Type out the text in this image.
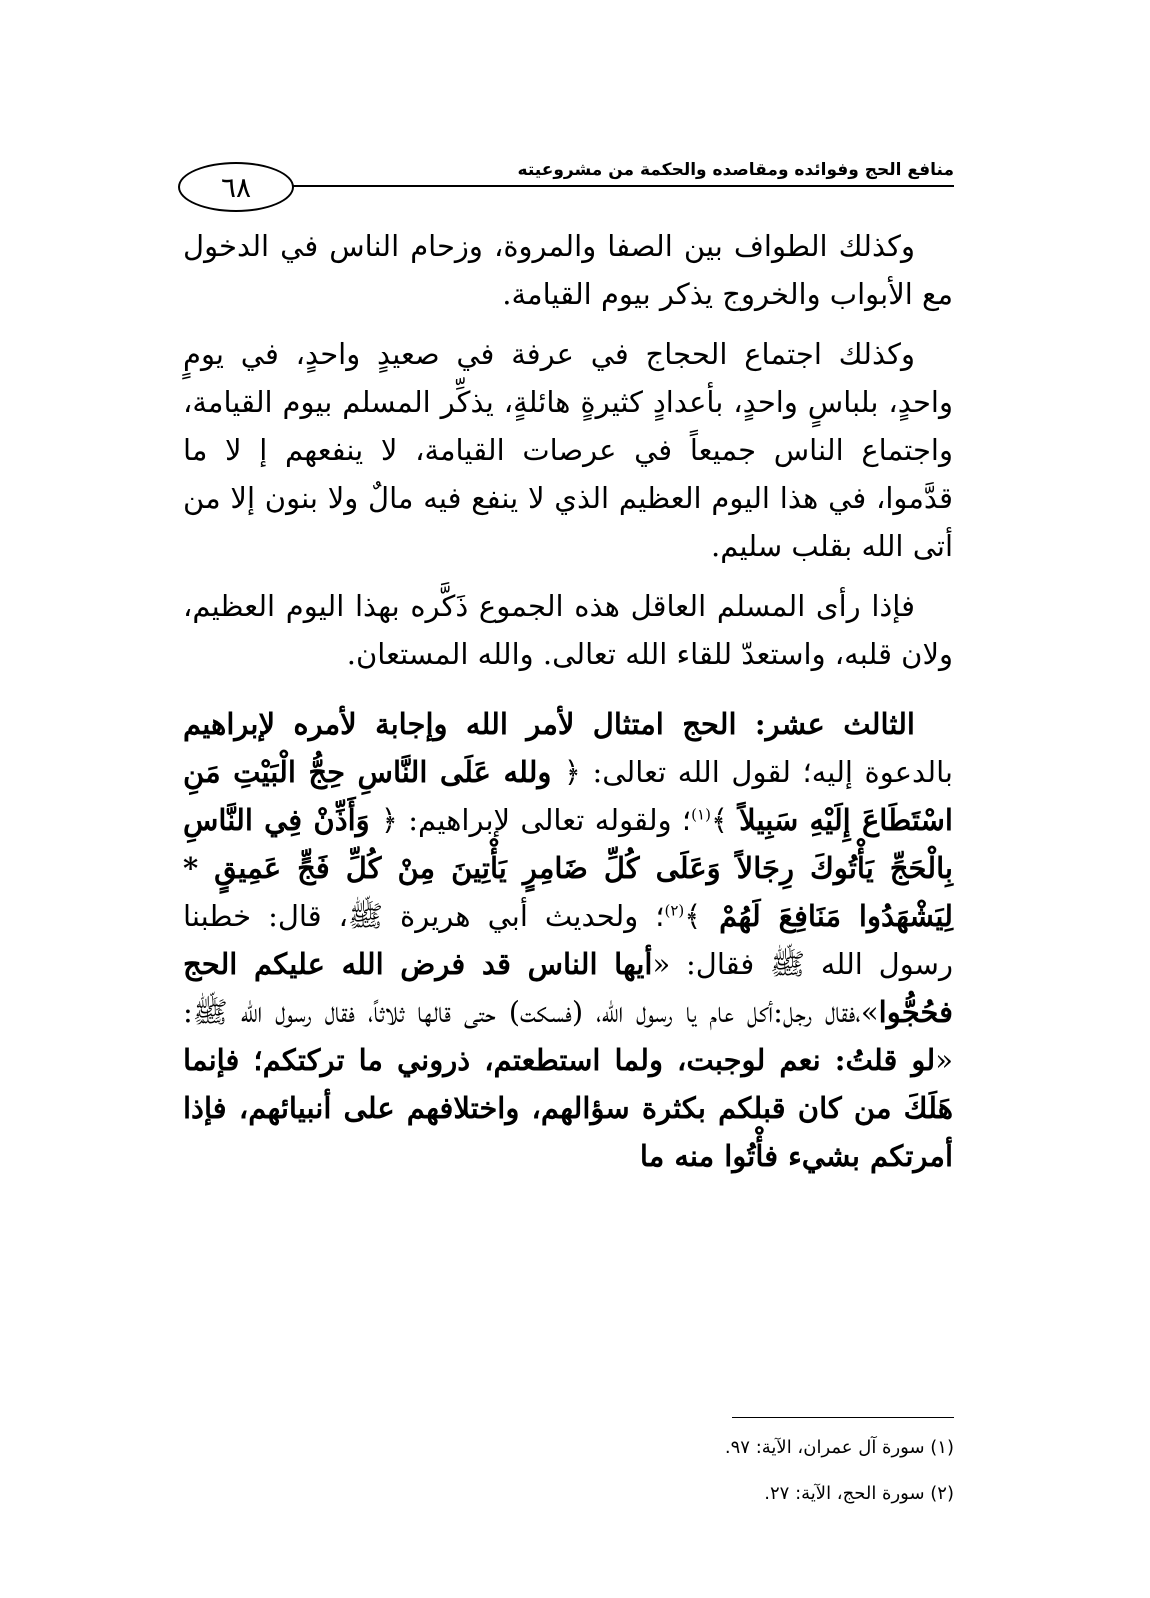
منافع الحج وفوائده ومقاصده والحكمة من مشروعيته
٦٨

وكذلك الطواف بين الصفا والمروة، وزحام الناس في الدخول مع الأبواب والخروج يذكر بيوم القيامة.

وكذلك اجتماع الحجاج في عرفة في صعيدٍ واحدٍ، في يومٍ واحدٍ، بلباسٍ واحدٍ، بأعدادٍ كثيرةٍ هائلةٍ، يذكِّر المسلم بيوم القيامة، واجتماع الناس جميعاً في عرصات القيامة، لا ينفعهم إ لا ما قدَّموا، في هذا اليوم العظيم الذي لا ينفع فيه مالٌ ولا بنون إلا من أتى الله بقلب سليم.

فإذا رأى المسلم العاقل هذه الجموع ذَكَّره بهذا اليوم العظيم، ولان قلبه، واستعدّ للقاء الله تعالى. والله المستعان.

الثالث عشر: الحج امتثال لأمر الله وإجابة لأمره لإبراهيم بالدعوة إليه؛ لقول الله تعالى: ﴿ ولله عَلَى النَّاسِ حِجُّ الْبَيْتِ مَنِ اسْتَطَاعَ إِلَيْهِ سَبِيلاً ﴾$^{(١)}$؛ ولقوله تعالى لإبراهيم: ﴿ وَأَذِّنْ فِي النَّاسِ بِالْحَجِّ يَأْتُوكَ رِجَالاً وَعَلَى كُلِّ ضَامِرٍ يَأْتِينَ مِنْ كُلِّ فَجٍّ عَمِيقٍ * لِيَشْهَدُوا مَنَافِعَ لَهُمْ ﴾$^{(٢)}$؛ ولحديث أبي هريرة ﷺ، قال: خطبنا رسول الله ﷺ فقال: «أيها الناس قد فرض الله عليكم الحج فحُجُّوا»،فقال رجل:أكل عام يا رسول الله، (فسكت) حتى قالها ثلاثاً، فقال رسول الله ﷺ: «لو قلتُ: نعم لوجبت، ولما استطعتم، ذروني ما تركتكم؛ فإنما هَلَكَ من كان قبلكم بكثرة سؤالهم، واختلافهم على أنبيائهم، فإذا أمرتكم بشيء فأْتُوا منه ما

(١) سورة آل عمران، الآية: ٩٧.

(٢) سورة الحج، الآية: ٢٧.
